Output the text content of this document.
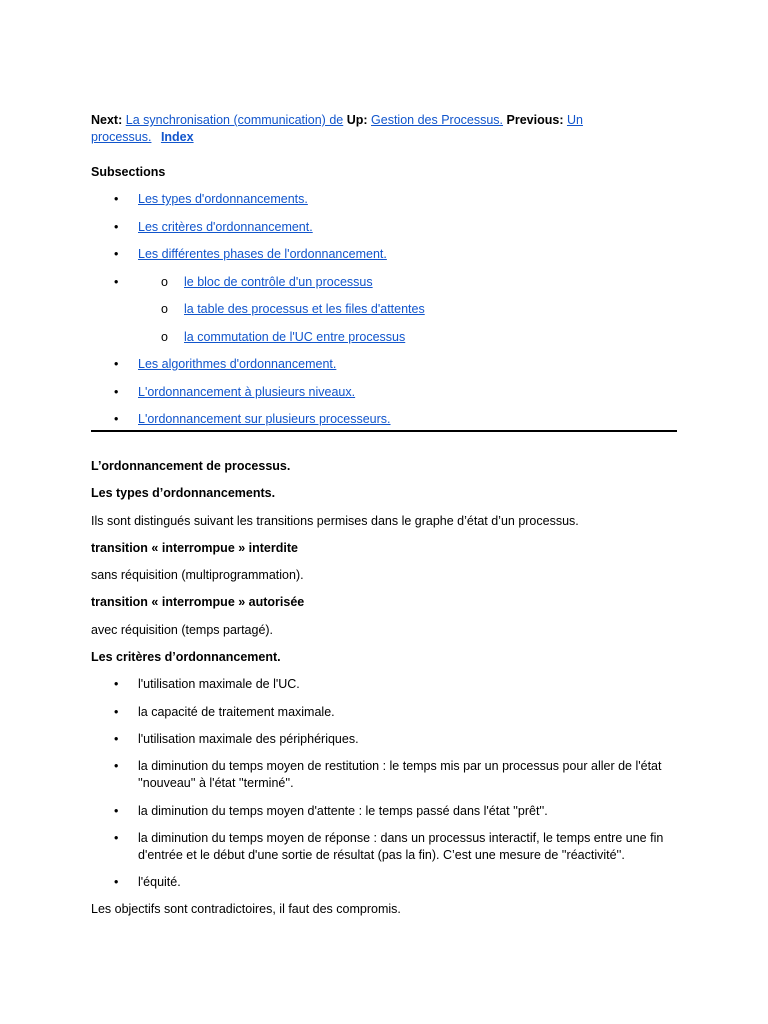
Next: La synchronisation (communication) de Up: Gestion des Processus. Previous: Un
processus. Index
Subsections
• Les types d'ordonnancements.
• Les critères d'ordonnancement.
• Les différentes phases de l'ordonnancement.
o • le bloc de contrôle d'un processus
o la table des processus et les files d'attentes
o la commutation de l'UC entre processus
• Les algorithmes d'ordonnancement.
• L'ordonnancement à plusieurs niveaux.
• L'ordonnancement sur plusieurs processeurs.

L’ordonnancement de processus.

Les types d’ordonnancements.

Ils sont distingués suivant les transitions permises dans le graphe d’état d’un processus.

transition « interrompue » interdite

sans réquisition (multiprogrammation).

transition « interrompue » autorisée

avec réquisition (temps partagé).

Les critères d’ordonnancement.

• l'utilisation maximale de l'UC.
• la capacité de traitement maximale.
• l'utilisation maximale des périphériques.
• la diminution du temps moyen de restitution : le temps mis par un processus pour aller de l'état ''nouveau'' à l'état ''terminé''.
• la diminution du temps moyen d'attente : le temps passé dans l'état ''prêt''.
• la diminution du temps moyen de réponse : dans un processus interactif, le temps entre une fin d'entrée et le début d'une sortie de résultat (pas la fin). C’est une mesure de ''réactivité''.
• l'équité.

Les objectifs sont contradictoires, il faut des compromis.
